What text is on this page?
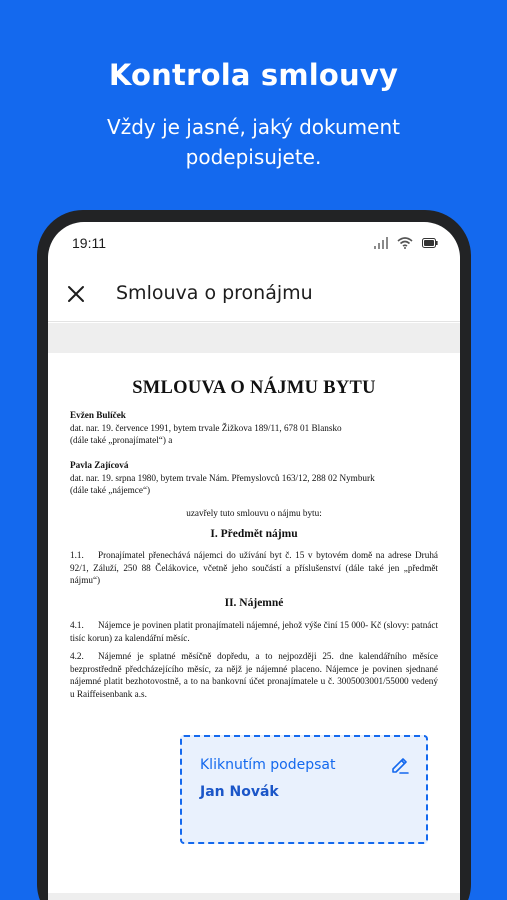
Kontrola smlouvy
Vždy je jasné, jaký dokument podepisujete.
19:11
Smlouva o pronájmu
SMLOUVA O NÁJMU BYTU
Evžen Bulíček
dat. nar. 19. července 1991, bytem trvale Žižkova 189/11, 678 01 Blansko
(dále také „pronajímatel“) a
Pavla Zajícová
dat. nar. 19. srpna 1980, bytem trvale Nám. Přemyslovců 163/12, 288 02 Nymburk
(dále také „nájemce“)
uzavřely tuto smlouvu o nájmu bytu:
I. Předmět nájmu
1.1. Pronajímatel přenechává nájemci do užívání byt č. 15 v bytovém domě na adrese Druhá 92/1, Záluží, 250 88 Čelákovice, včetně jeho součástí a příslušenství (dále také jen „předmět nájmu“)
II. Nájemné
4.1. Nájemce je povinen platit pronajímateli nájemné, jehož výše činí 15 000- Kč (slovy: patnáct tisíc korun) za kalendářní měsíc.
4.2. Nájemné je splatné měsíčně dopředu, a to nejpozději 25. dne kalendářního měsíce bezprostředně předcházejícího měsíc, za nějž je nájemné placeno. Nájemce je povinen sjednané nájemné platit bezhotovostně, a to na bankovní účet pronajímatele u č. 3005003001/55000 vedený u Raiffeisenbank a.s.
Kliknutím podepsat
Jan Novák
